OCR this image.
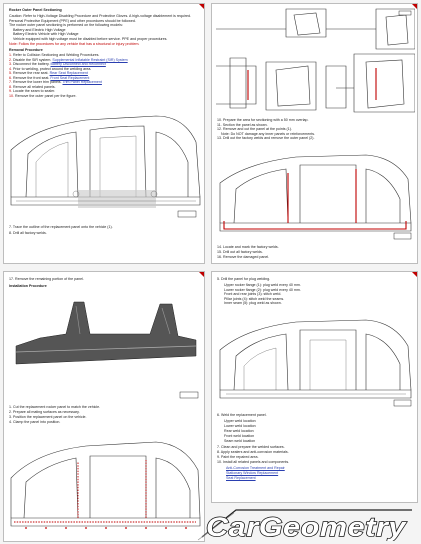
Rocker Outer Panel Sectioning
Caution: Refer to High-Voltage Disabling Procedure and Protective Gloves. A high-voltage disablement is required.
Personal Protective Equipment (PPE) and other procedures should be followed.
The rocker outer panel sectioning is performed on the following models:
Battery and Electric High Voltage
Battery Electric Vehicle with High Voltage
Vehicle equipped with high voltage must be disabled before service. PPE and proper procedures.
Note: Follow the procedures for any vehicle that has a structural or injury problem.
Removal Procedure
1. Refer to Collision Sectioning and Welding Procedures.
2. Disable the SIR system. Supplemental Inflatable Restraint (SIR) System
3. Disconnect the battery. Battery Disconnect and Reconnect
4. Prior to welding, protect around the welding area.
5. Remove the rear seat. Rear Seat Replacement
6. Remove the front seat. Front Seat Replacement
7. Remove the lower trim panels. Trim Panel Replacement
8. Remove all related panels.
9. Locate the seam to sealer.
10. Remove the outer panel per the figure.
7. Trace the outline of the replacement panel onto the vehicle (1).
8. Drill all factory welds.
10. Prepare the area for sectioning with a 50 mm overlap.
11. Section the panel as shown.
12. Remove and cut the panel at the points (1).
Note: Do NOT damage any inner panels or reinforcements.
13. Drill out the factory welds and remove the outer panel (2).
14. Locate and mark the factory welds.
15. Drill out all factory welds.
16. Remove the damaged panel.
17. Remove the remaining portion of the panel.
Installation Procedure
1. Cut the replacement rocker panel to match the vehicle.
2. Prepare all mating surfaces as necessary.
3. Position the replacement panel on the vehicle.
4. Clamp the panel into position.
5. Drill the panel for plug welding.
Upper rocker flange (1): plug weld every 40 mm.
Lower rocker flange (2): plug weld every 40 mm.
Front and rear joints (3): stitch weld.
Pillar joints (4): stitch weld the seams.
Inner seam (5): plug weld as shown.
6. Weld the replacement panel.
Upper weld location
Lower weld location
Rear weld location
Front weld location
Seam weld location
7. Clean and prepare the welded surfaces.
8. Apply sealers and anti-corrosion materials.
9. Paint the repaired area.
10. Install all related panels and components.
Anti-Corrosion Treatment and Repair
Stationary Window Replacement
Seat Replacement
CarGeometry
